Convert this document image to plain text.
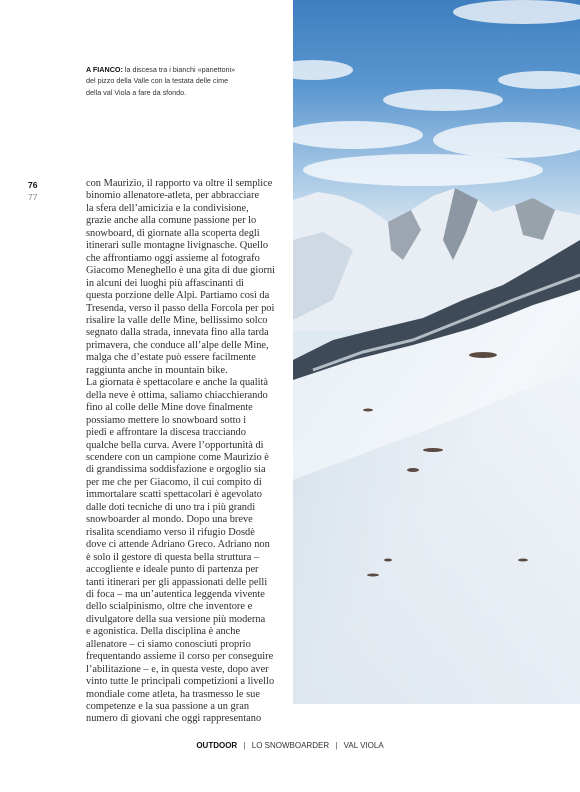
A FIANCO: la discesa tra i bianchi «panettoni»
del pizzo della Valle con la testata delle cime
della val Viola a fare da sfondo.
76
77
con Maurizio, il rapporto va oltre il semplice
binomio allenatore-atleta, per abbracciare
la sfera dell’amicizia e la condivisione,
grazie anche alla comune passione per lo
snowboard, di giornate alla scoperta degli
itinerari sulle montagne livignasche. Quello
che affrontiamo oggi assieme al fotografo
Giacomo Meneghello è una gita di due giorni
in alcuni dei luoghi più affascinanti di
questa porzione delle Alpi. Partiamo così da
Tresenda, verso il passo della Forcola per poi
risalire la valle delle Mine, bellissimo solco
segnato dalla strada, innevata fino alla tarda
primavera, che conduce all’alpe delle Mine,
malga che d’estate può essere facilmente
raggiunta anche in mountain bike.
La giornata è spettacolare e anche la qualità
della neve è ottima, saliamo chiacchierando
fino al colle delle Mine dove finalmente
possiamo mettere lo snowboard sotto i
piedi e affrontare la discesa tracciando
qualche bella curva. Avere l’opportunità di
scendere con un campione come Maurizio è
di grandissima soddisfazione e orgoglio sia
per me che per Giacomo, il cui compito di
immortalare scatti spettacolari è agevolato
dalle doti tecniche di uno tra i più grandi
snowboarder al mondo. Dopo una breve
risalita scendiamo verso il rifugio Dosdè
dove ci attende Adriano Greco. Adriano non
è solo il gestore di questa bella struttura –
accogliente e ideale punto di partenza per
tanti itinerari per gli appassionati delle pelli
di foca – ma un’autentica leggenda vivente
dello scialpinismo, oltre che inventore e
divulgatore della sua versione più moderna
e agonistica. Della disciplina è anche
allenatore – ci siamo conosciuti proprio
frequentando assieme il corso per conseguire
l’abilitazione – e, in questa veste, dopo aver
vinto tutte le principali competizioni a livello
mondiale come atleta, ha trasmesso le sue
competenze e la sua passione a un gran
numero di giovani che oggi rappresentano
OUTDOOR | LO SNOWBOARDER | VAL VIOLA
